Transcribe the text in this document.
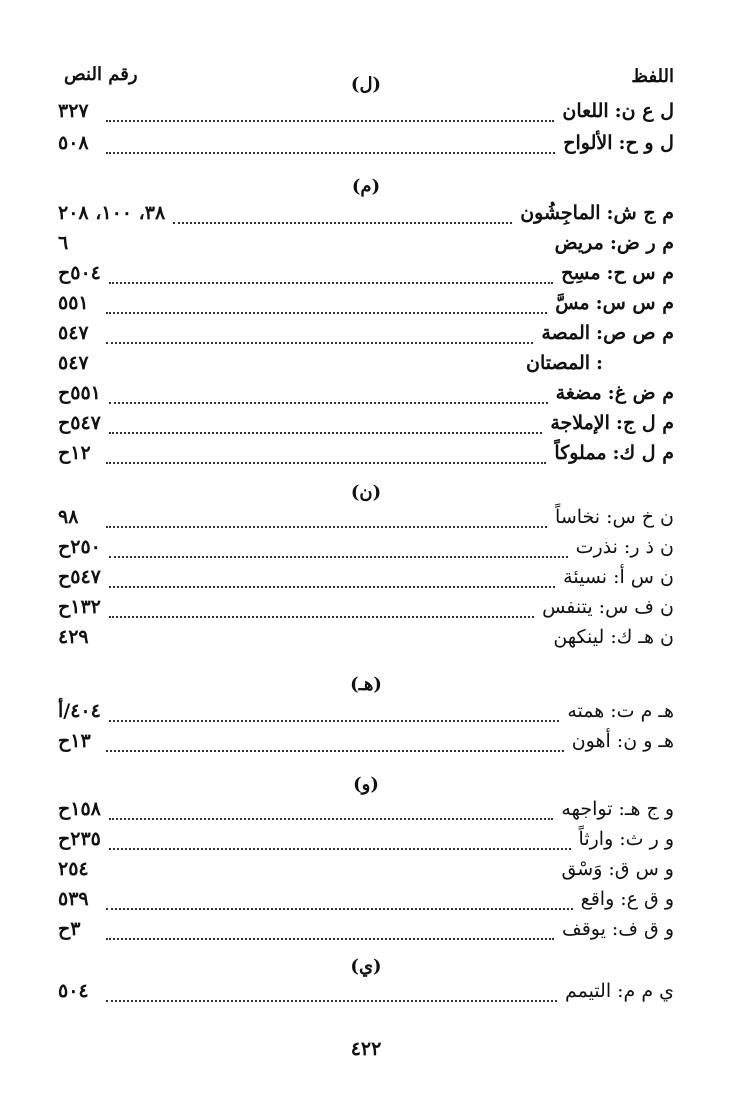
اللفظ
(ل)
رقم النص
ل ع ن
:
اللعان
٣٢٧
ل و ح
:
الألواح
٥٠٨
(م)
م ج ش
:
الماجِشُون
٣٨، ١٠٠، ٢٠٨
م ر ض
:
مريض
٦
م س ح
:
مسِح
٥٠٤ح
م س س
:
مسَّ
٥٥١
م ص ص
:
المصة
٥٤٧
:
المصتان
٥٤٧
م ض غ
:
مضغة
٥٥١ح
م ل ج
:
الإملاجة
٥٤٧ح
م ل ك
:
مملوكاً
١٢ح
(ن)
ن خ س
:
نخاساً
٩٨
ن ذ ر
:
نذرت
٢٥٠ح
ن س أ
:
نسيئة
٥٤٧ح
ن ف س
:
يتنفس
١٣٢ح
ن هـ ك
:
لينكهن
٤٢٩
(هـ)
هـ م ت
:
همته
٤٠٤/أ
هـ و ن
:
أهون
١٣ح
(و)
و ج هـ
:
تواجهه
١٥٨ح
و ر ث
:
وارثاً
٢٣٥ح
و س ق
:
وَسْق
٢٥٤
و ق ع
:
واقع
٥٣٩
و ق ف
:
يوقف
٣ح
(ي)
ي م م
:
التيمم
٥٠٤
٤٢٢
